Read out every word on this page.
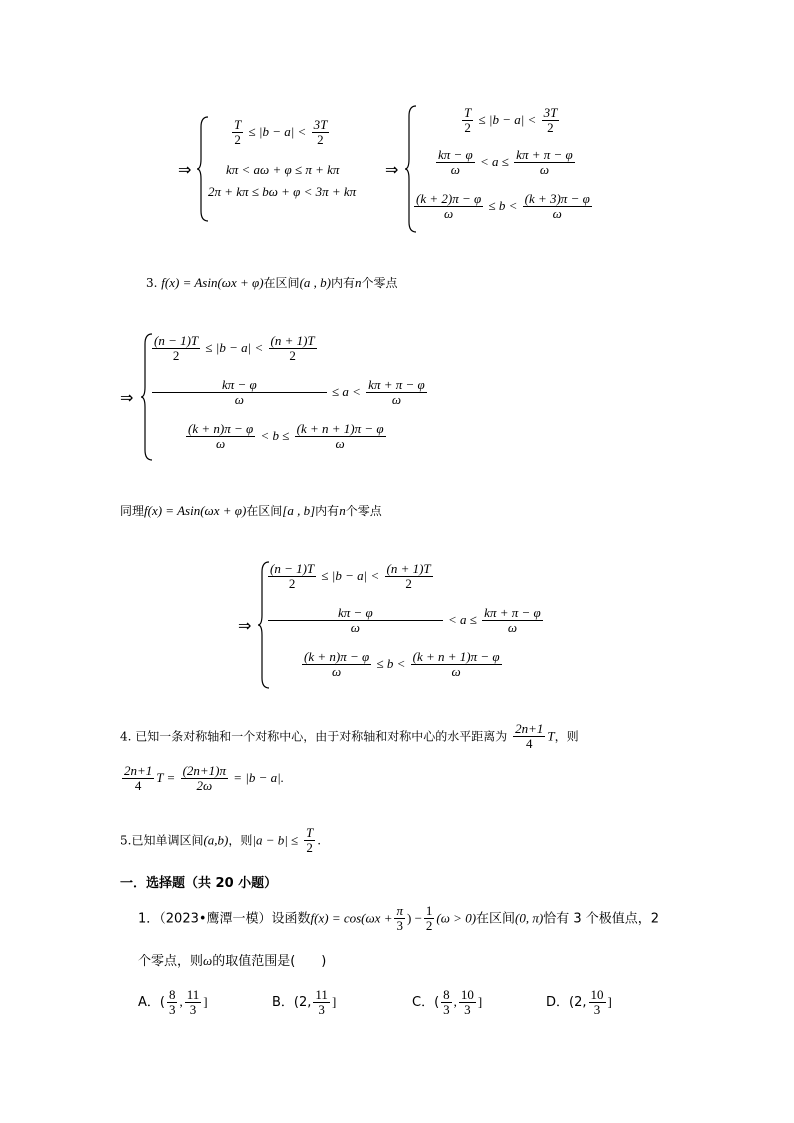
⇒
$\frac{T}{2} \le |b - a| < \frac{3T}{2}$
kπ < aω + φ ≤ π + kπ
2π + kπ ≤ bω + φ < 3π + kπ
⇒
$\frac{T}{2} \le |b - a| < \frac{3T}{2}$
$\frac{k\pi - \varphi}{\omega} < a \le \frac{k\pi + \pi - \varphi}{\omega}$
$\frac{(k + 2)\pi - \varphi}{\omega} \le b < \frac{(k + 3)\pi - \varphi}{\omega}$
3. f(x) = Asin(ωx + φ)在区间(a , b)内有n个零点
⇒
$\frac{(n - 1)T}{2} \le |b - a| < \frac{(n + 1)T}{2}$
$\frac{k\pi - \varphi}{\omega} \le a < \frac{k\pi + \pi - \varphi}{\omega}$
$\frac{(k + n)\pi - \varphi}{\omega} < b \le \frac{(k + n + 1)\pi - \varphi}{\omega}$
同理f(x) = Asin(ωx + φ)在区间[a , b]内有n个零点
⇒
$\frac{(n - 1)T}{2} \le |b - a| < \frac{(n + 1)T}{2}$
$\frac{k\pi - \varphi}{\omega} < a \le \frac{k\pi + \pi - \varphi}{\omega}$
$\frac{(k + n)\pi - \varphi}{\omega} \le b < \frac{(k + n + 1)\pi - \varphi}{\omega}$
4. 已知一条对称轴和一个对称中心，由于对称轴和对称中心的水平距离为 $\frac{2n+1}{4}$ T，则
$\frac{2n+1}{4}$ $T = \frac{(2n+1)\pi}{2\omega} = |b - a|$.
5.已知单调区间(a,b)，则$|a - b| \le \frac{T}{2}$ .
一．选择题（共 20 小题）
1．（2023•鹰潭一模）设函数$f(x) = \cos(\omega x + \frac{\pi}{3}$ ) − $\frac{1}{2} (\omega > 0)$在区间(0, π)恰有 3 个极值点，2
个零点，则ω的取值范围是(　　)
A．( $\frac{8}{3}$ , $\frac{11}{3}$ ]	B．(2, $\frac{11}{3}$ ]	C．( $\frac{8}{3}$ , $\frac{10}{3}$ ]	D．(2, $\frac{10}{3}$ ]
